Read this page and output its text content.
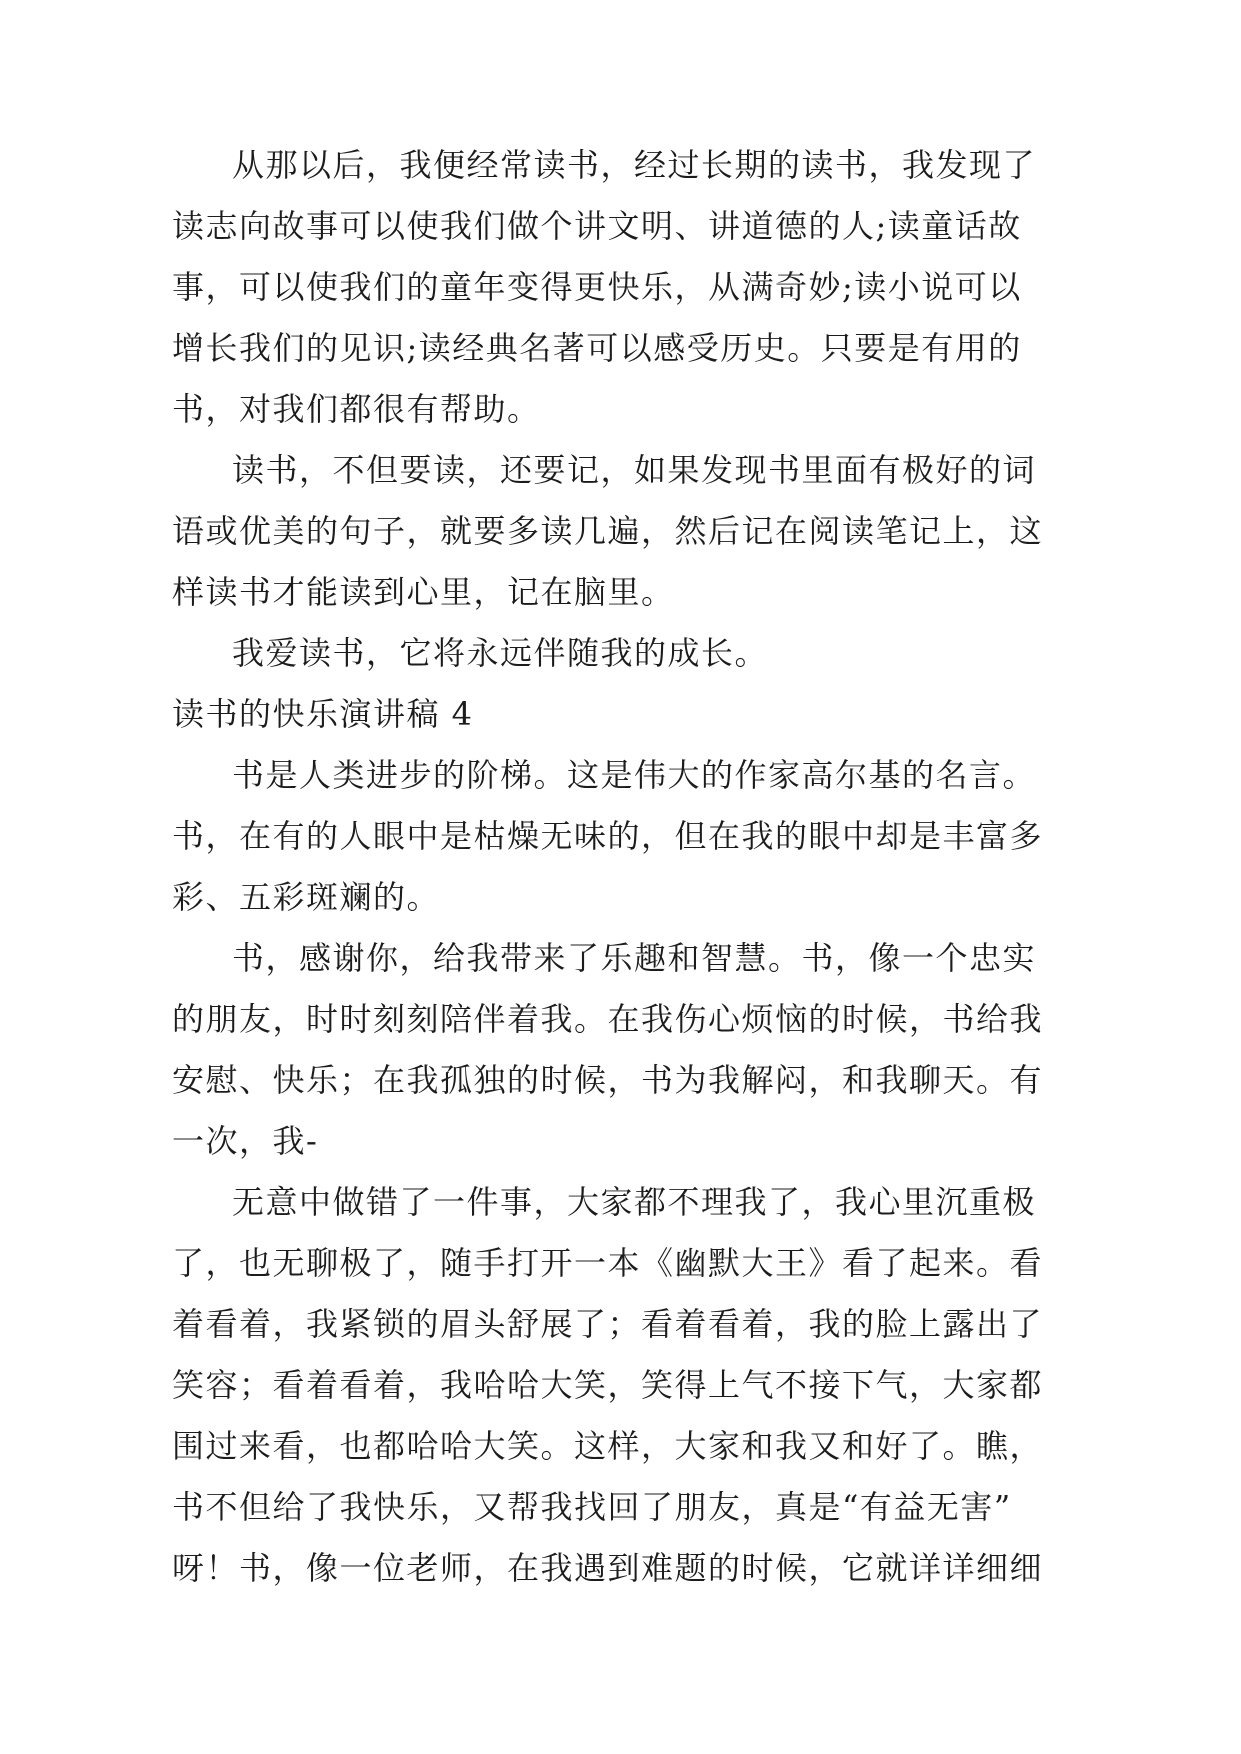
从那以后，我便经常读书，经过长期的读书，我发现了
读志向故事可以使我们做个讲文明、讲道德的人;读童话故
事，可以使我们的童年变得更快乐，从满奇妙;读小说可以
增长我们的见识;读经典名著可以感受历史。只要是有用的
书，对我们都很有帮助。

读书，不但要读，还要记，如果发现书里面有极好的词
语或优美的句子，就要多读几遍，然后记在阅读笔记上，这
样读书才能读到心里，记在脑里。

我爱读书，它将永远伴随我的成长。

读书的快乐演讲稿 4

书是人类进步的阶梯。这是伟大的作家高尔基的名言。
书，在有的人眼中是枯燥无味的，但在我的眼中却是丰富多
彩、五彩斑斓的。

书，感谢你，给我带来了乐趣和智慧。书，像一个忠实
的朋友，时时刻刻陪伴着我。在我伤心烦恼的时候，书给我
安慰、快乐；在我孤独的时候，书为我解闷，和我聊天。有
一次，我-

无意中做错了一件事，大家都不理我了，我心里沉重极
了，也无聊极了，随手打开一本《幽默大王》看了起来。看
着看着，我紧锁的眉头舒展了；看着看着，我的脸上露出了
笑容；看着看着，我哈哈大笑，笑得上气不接下气，大家都
围过来看，也都哈哈大笑。这样，大家和我又和好了。瞧，
书不但给了我快乐，又帮我找回了朋友，真是“有益无害”
呀！书，像一位老师，在我遇到难题的时候，它就详详细细
